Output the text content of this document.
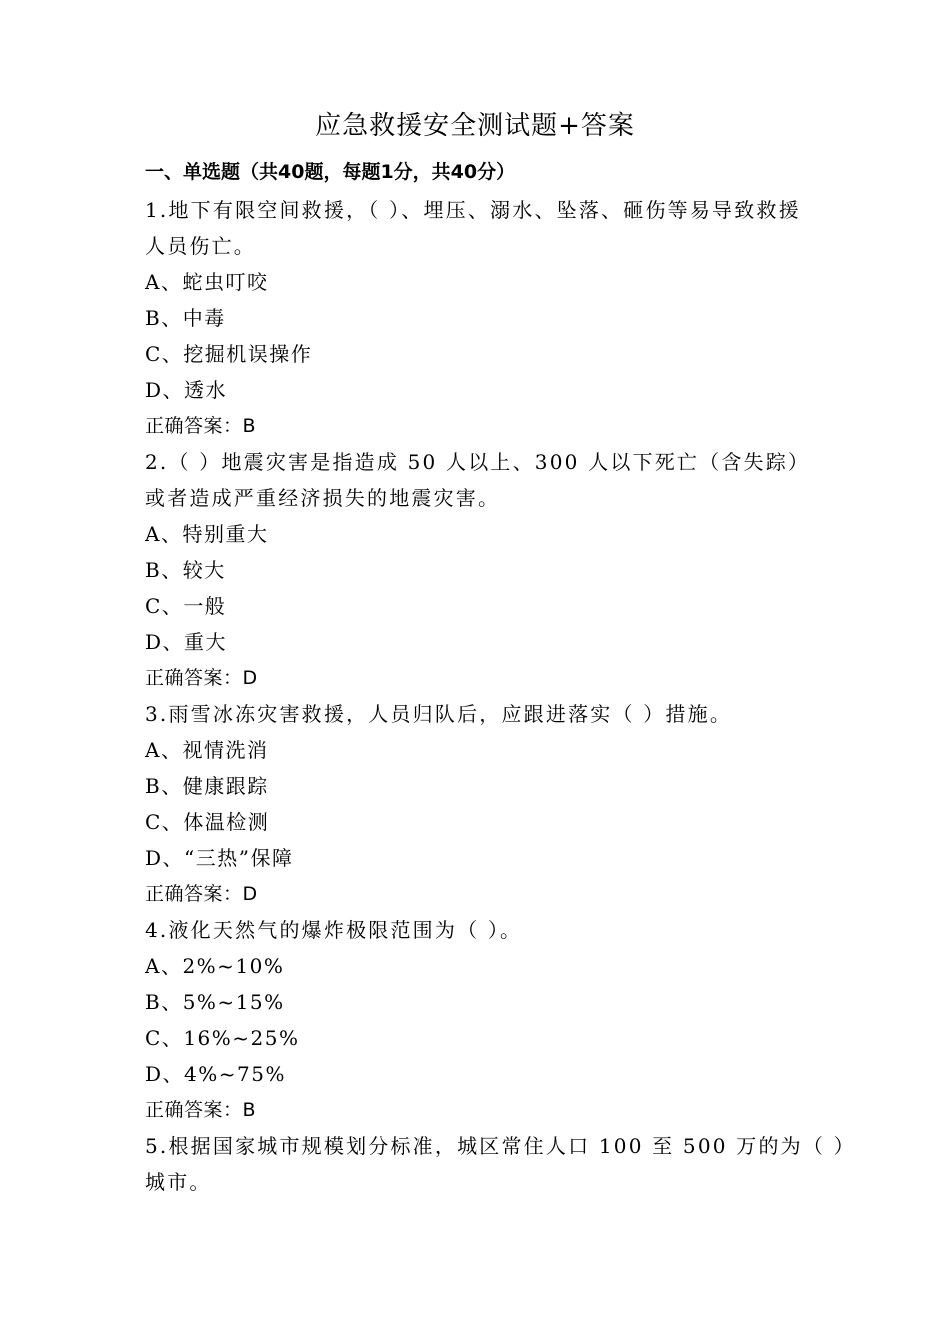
应急救援安全测试题+答案
一、单选题（共40题，每题1分，共40分）
1.地下有限空间救援，（ ）、埋压、溺水、坠落、砸伤等易导致救援
人员伤亡。
A、蛇虫叮咬
B、中毒
C、挖掘机误操作
D、透水
正确答案：B
2.（ ）地震灾害是指造成 50 人以上、300 人以下死亡（含失踪）
或者造成严重经济损失的地震灾害。
A、特别重大
B、较大
C、一般
D、重大
正确答案：D
3.雨雪冰冻灾害救援，人员归队后，应跟进落实（ ）措施。
A、视情洗消
B、健康跟踪
C、体温检测
D、“三热”保障
正确答案：D
4.液化天然气的爆炸极限范围为（ ）。
A、2%~10%
B、5%~15%
C、16%~25%
D、4%~75%
正确答案：B
5.根据国家城市规模划分标准，城区常住人口 100 至 500 万的为（ ）
城市。
